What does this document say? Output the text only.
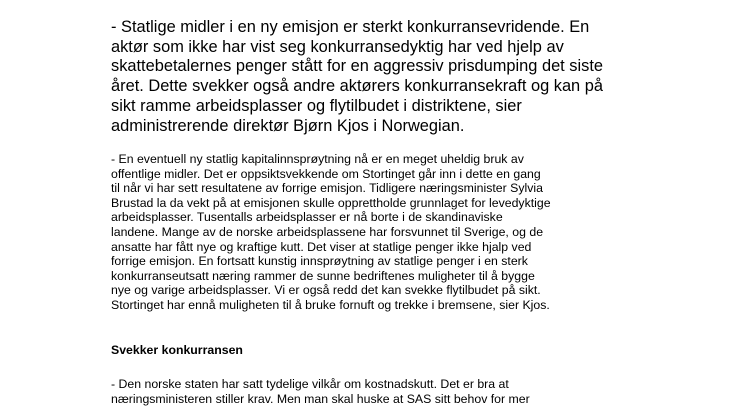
- Statlige midler i en ny emisjon er sterkt konkurransevridende. En
aktør som ikke har vist seg konkurransedyktig har ved hjelp av
skattebetalernes penger stått for en aggressiv prisdumping det siste
året. Dette svekker også andre aktørers konkurransekraft og kan på
sikt ramme arbeidsplasser og flytilbudet i distriktene, sier
administrerende direktør Bjørn Kjos i Norwegian.
- En eventuell ny statlig kapitalinnsprøytning nå er en meget uheldig bruk av
offentlige midler. Det er oppsiktsvekkende om Stortinget går inn i dette en gang
til når vi har sett resultatene av forrige emisjon. Tidligere næringsminister Sylvia
Brustad la da vekt på at emisjonen skulle opprettholde grunnlaget for levedyktige
arbeidsplasser. Tusentalls arbeidsplasser er nå borte i de skandinaviske
landene. Mange av de norske arbeidsplassene har forsvunnet til Sverige, og de
ansatte har fått nye og kraftige kutt. Det viser at statlige penger ikke hjalp ved
forrige emisjon. En fortsatt kunstig innsprøytning av statlige penger i en sterk
konkurranseutsatt næring rammer de sunne bedriftenes muligheter til å bygge
nye og varige arbeidsplasser. Vi er også redd det kan svekke flytilbudet på sikt.
Stortinget har ennå muligheten til å bruke fornuft og trekke i bremsene, sier Kjos.
Svekker konkurransen
- Den norske staten har satt tydelige vilkår om kostnadskutt. Det er bra at
næringsministeren stiller krav. Men man skal huske at SAS sitt behov for mer
